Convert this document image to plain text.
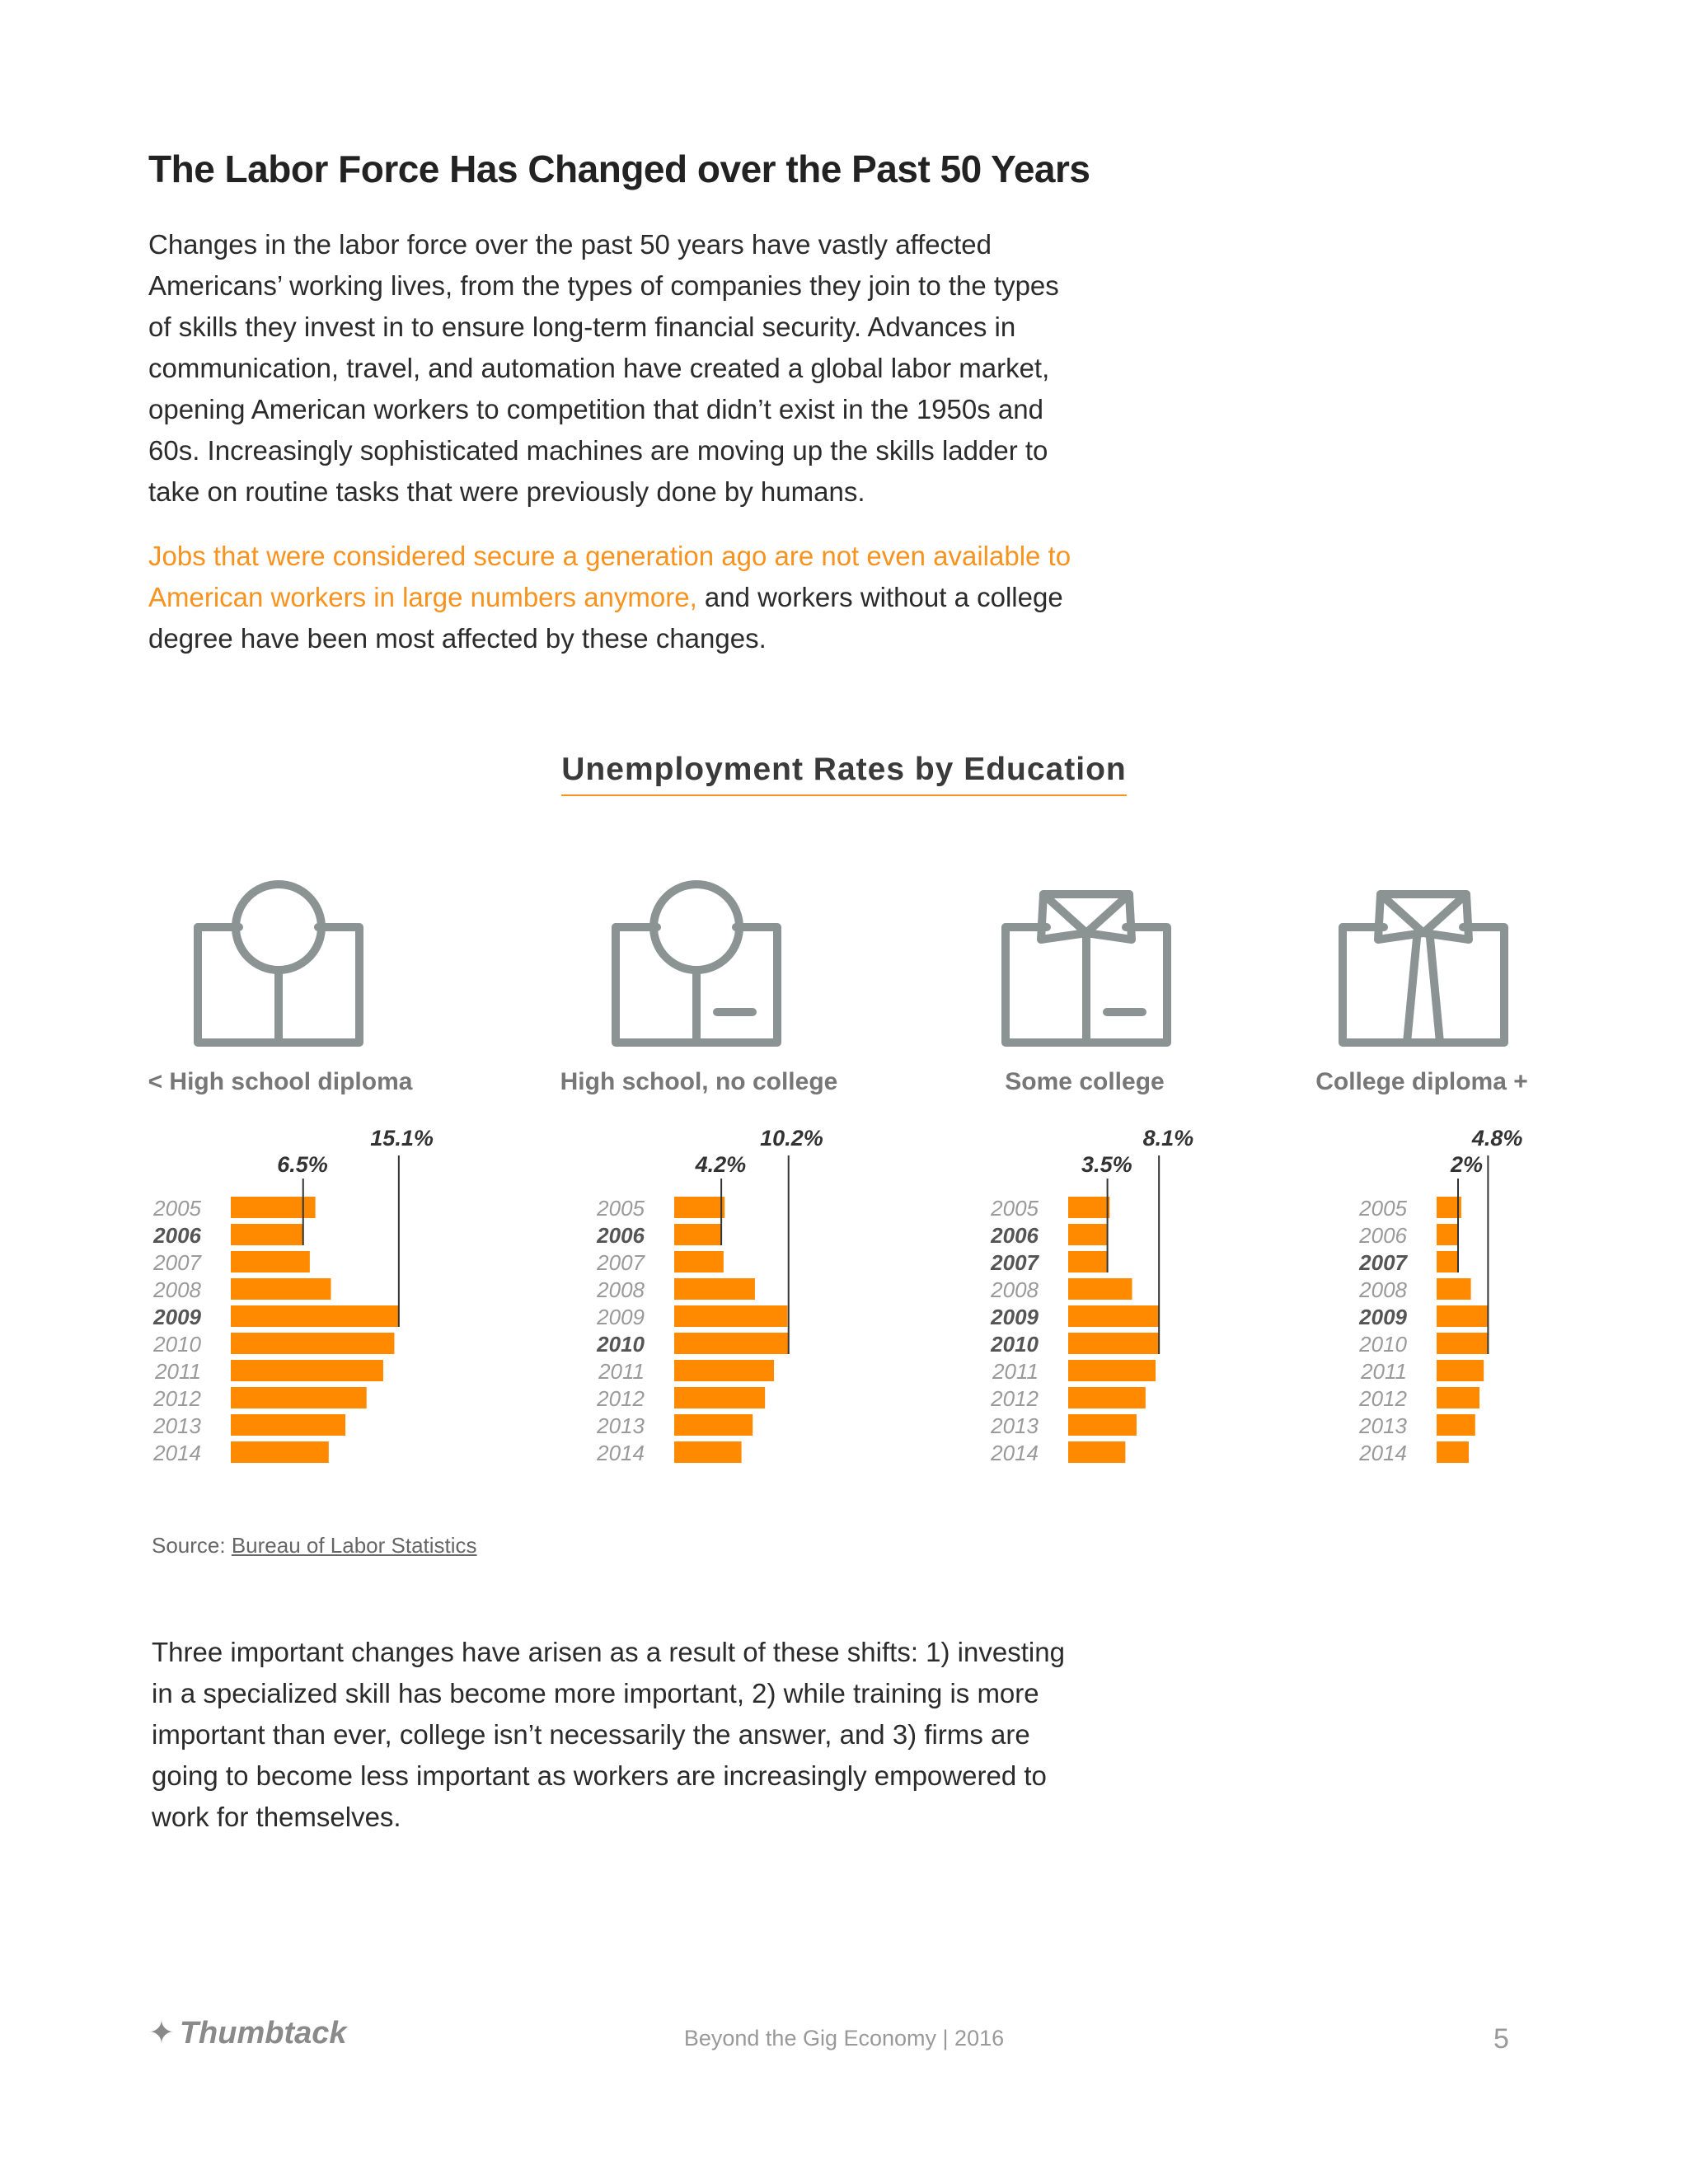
The Labor Force Has Changed over the Past 50 Years

Changes in the labor force over the past 50 years have vastly affected Americans’ working lives, from the types of companies they join to the types of skills they invest in to ensure long-term financial security. Advances in communication, travel, and automation have created a global labor market, opening American workers to competition that didn’t exist in the 1950s and 60s. Increasingly sophisticated machines are moving up the skills ladder to take on routine tasks that were previously done by humans.

Jobs that were considered secure a generation ago are not even available to American workers in large numbers anymore, and workers without a college degree have been most affected by these changes.

Unemployment Rates by Education
< High school diploma
2005
2006
2007
2008
2009
2010
2011
2012
2013
2014
15.1%
6.5%
High school, no college
2005
2006
2007
2008
2009
2010
2011
2012
2013
2014
10.2%
4.2%
Some college
2005
2006
2007
2008
2009
2010
2011
2012
2013
2014
8.1%
3.5%
College diploma +
2005
2006
2007
2008
2009
2010
2011
2012
2013
2014
4.8%
2%

Source: Bureau of Labor Statistics

Three important changes have arisen as a result of these shifts: 1) investing in a specialized skill has become more important, 2) while training is more important than ever, college isn’t necessarily the answer, and 3) firms are going to become less important as workers are increasingly empowered to work for themselves.

✦ Thumbtack	Beyond the Gig Economy | 2016	5
